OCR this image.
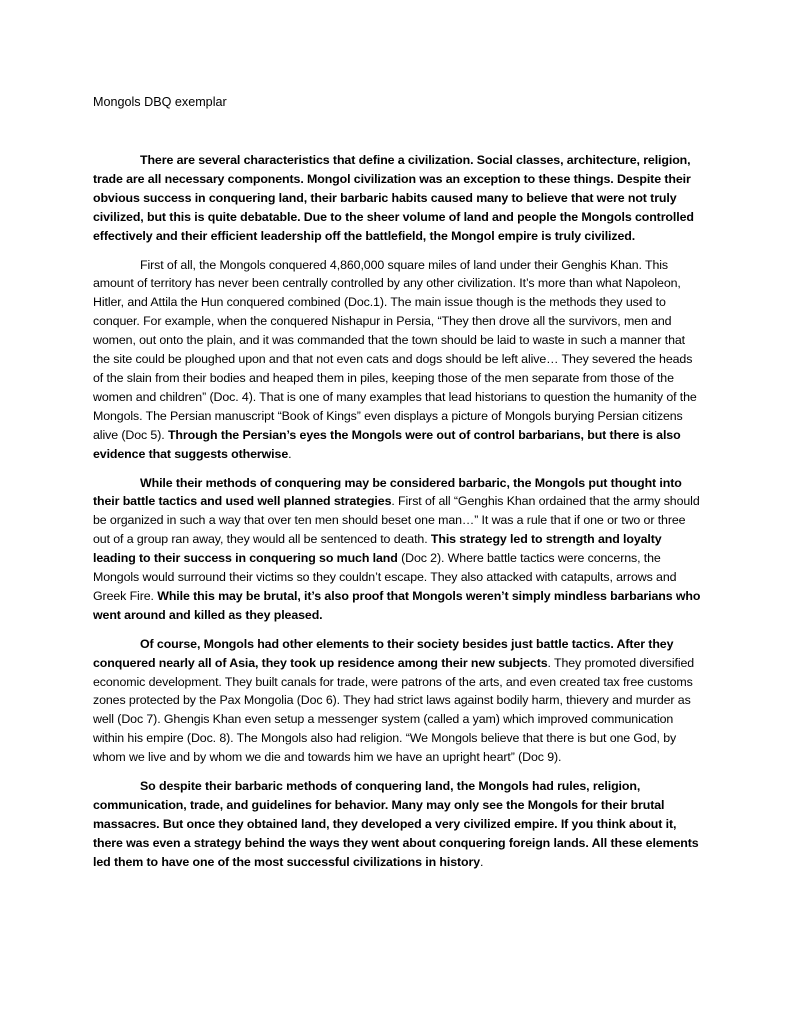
Mongols DBQ exemplar

There are several characteristics that define a civilization. Social classes, architecture, religion, trade are all necessary components. Mongol civilization was an exception to these things. Despite their obvious success in conquering land, their barbaric habits caused many to believe that were not truly civilized, but this is quite debatable. Due to the sheer volume of land and people the Mongols controlled effectively and their efficient leadership off the battlefield, the Mongol empire is truly civilized.

First of all, the Mongols conquered 4,860,000 square miles of land under their Genghis Khan. This amount of territory has never been centrally controlled by any other civilization. It’s more than what Napoleon, Hitler, and Attila the Hun conquered combined (Doc.1). The main issue though is the methods they used to conquer. For example, when the conquered Nishapur in Persia, “They then drove all the survivors, men and women, out onto the plain, and it was commanded that the town should be laid to waste in such a manner that the site could be ploughed upon and that not even cats and dogs should be left alive… They severed the heads of the slain from their bodies and heaped them in piles, keeping those of the men separate from those of the women and children” (Doc. 4). That is one of many examples that lead historians to question the humanity of the Mongols. The Persian manuscript “Book of Kings” even displays a picture of Mongols burying Persian citizens alive (Doc 5). Through the Persian’s eyes the Mongols were out of control barbarians, but there is also evidence that suggests otherwise.

While their methods of conquering may be considered barbaric, the Mongols put thought into their battle tactics and used well planned strategies. First of all “Genghis Khan ordained that the army should be organized in such a way that over ten men should beset one man…” It was a rule that if one or two or three out of a group ran away, they would all be sentenced to death. This strategy led to strength and loyalty leading to their success in conquering so much land (Doc 2). Where battle tactics were concerns, the Mongols would surround their victims so they couldn’t escape. They also attacked with catapults, arrows and Greek Fire. While this may be brutal, it’s also proof that Mongols weren’t simply mindless barbarians who went around and killed as they pleased.

Of course, Mongols had other elements to their society besides just battle tactics. After they conquered nearly all of Asia, they took up residence among their new subjects. They promoted diversified economic development. They built canals for trade, were patrons of the arts, and even created tax free customs zones protected by the Pax Mongolia (Doc 6). They had strict laws against bodily harm, thievery and murder as well (Doc 7). Ghengis Khan even setup a messenger system (called a yam) which improved communication within his empire (Doc. 8). The Mongols also had religion. “We Mongols believe that there is but one God, by whom we live and by whom we die and towards him we have an upright heart” (Doc 9).

So despite their barbaric methods of conquering land, the Mongols had rules, religion, communication, trade, and guidelines for behavior. Many may only see the Mongols for their brutal massacres. But once they obtained land, they developed a very civilized empire. If you think about it, there was even a strategy behind the ways they went about conquering foreign lands. All these elements led them to have one of the most successful civilizations in history.
